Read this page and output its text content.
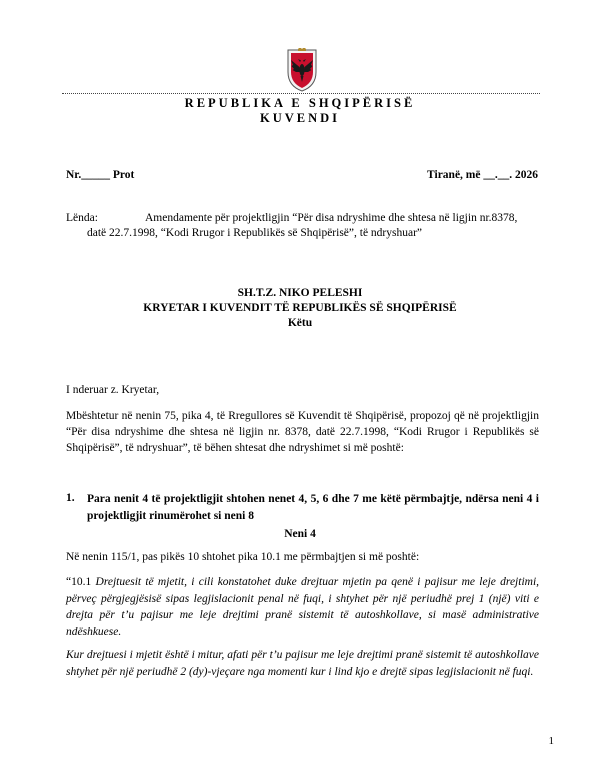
REPUBLIKA E SHQIPËRISË
KUVENDI
Nr._____ Prot	Tiranë, më __.__. 2026
Lënda:	Amendamente për projektligjin “Për disa ndryshime dhe shtesa në ligjin nr.8378,
datë 22.7.1998, “Kodi Rrugor i Republikës së Shqipërisë”, të ndryshuar”
SH.T.Z. NIKO PELESHI
KRYETAR I KUVENDIT TË REPUBLIKËS SË SHQIPËRISË
Këtu
I nderuar z. Kryetar,
Mbështetur në nenin 75, pika 4, të Rregullores së Kuvendit të Shqipërisë, propozoj që në projektligjin “Për disa ndryshime dhe shtesa në ligjin nr. 8378, datë 22.7.1998, “Kodi Rrugor i Republikës së Shqipërisë”, të ndryshuar”, të bëhen shtesat dhe ndryshimet si më poshtë:
1. Para nenit 4 të projektligjit shtohen nenet 4, 5, 6 dhe 7 me këtë përmbajtje, ndërsa neni 4 i projektligjit rinumërohet si neni 8
Neni 4
Në nenin 115/1, pas pikës 10 shtohet pika 10.1 me përmbajtjen si më poshtë:
“10.1 Drejtuesit të mjetit, i cili konstatohet duke drejtuar mjetin pa qenë i pajisur me leje drejtimi, përveç përgjegjësisë sipas legjislacionit penal në fuqi, i shtyhet për një periudhë prej 1 (një) viti e drejta për t’u pajisur me leje drejtimi pranë sistemit të autoshkollave, si masë administrative ndëshkuese.
Kur drejtuesi i mjetit është i mitur, afati për t’u pajisur me leje drejtimi pranë sistemit të autoshkollave shtyhet për një periudhë 2 (dy)-vjeçare nga momenti kur i lind kjo e drejtë sipas legjislacionit në fuqi.
1
